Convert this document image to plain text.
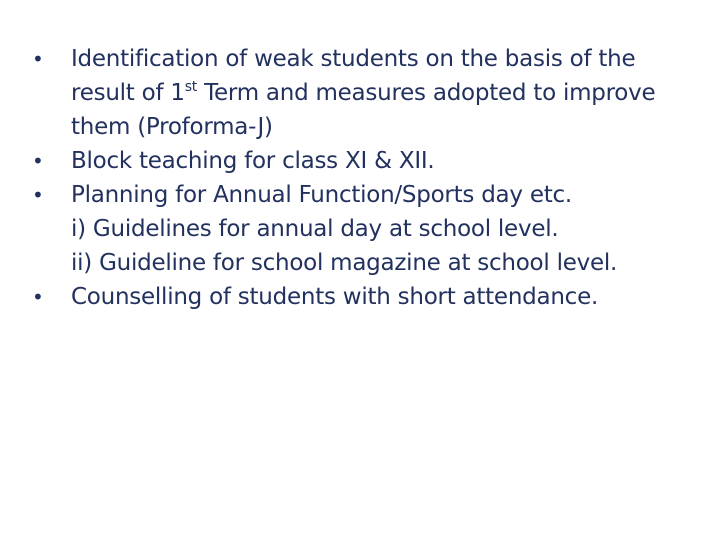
•	Identification of weak students on the basis of the result of 1st Term and measures adopted to improve them (Proforma-J)
•	Block teaching for class XI & XII.
•	Planning for Annual Function/Sports day etc.
i) Guidelines for annual day at school level.
ii) Guideline for school magazine at school level.
•	Counselling of students with short attendance.
